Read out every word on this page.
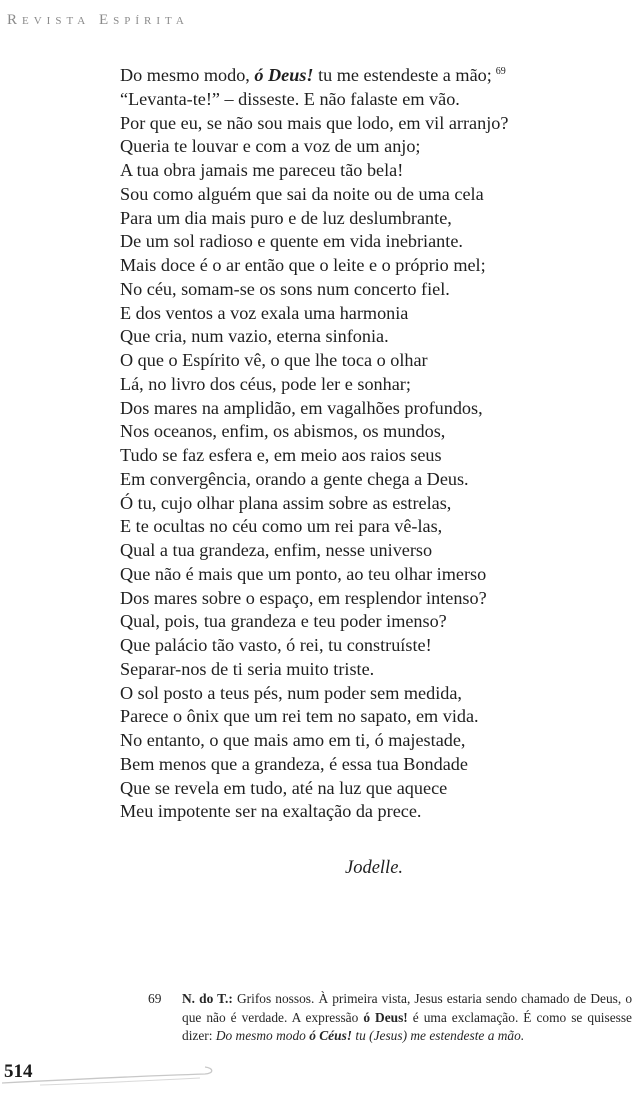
Revista Espírita
Do mesmo modo, ó Deus! tu me estendeste a mão; $^{69}$
“Levanta-te!” – disseste. E não falaste em vão.
Por que eu, se não sou mais que lodo, em vil arranjo?
Queria te louvar e com a voz de um anjo;
A tua obra jamais me pareceu tão bela!
Sou como alguém que sai da noite ou de uma cela
Para um dia mais puro e de luz deslumbrante,
De um sol radioso e quente em vida inebriante.
Mais doce é o ar então que o leite e o próprio mel;
No céu, somam-se os sons num concerto fiel.
E dos ventos a voz exala uma harmonia
Que cria, num vazio, eterna sinfonia.
O que o Espírito vê, o que lhe toca o olhar
Lá, no livro dos céus, pode ler e sonhar;
Dos mares na amplidão, em vagalhões profundos,
Nos oceanos, enfim, os abismos, os mundos,
Tudo se faz esfera e, em meio aos raios seus
Em convergência, orando a gente chega a Deus.
Ó tu, cujo olhar plana assim sobre as estrelas,
E te ocultas no céu como um rei para vê-las,
Qual a tua grandeza, enfim, nesse universo
Que não é mais que um ponto, ao teu olhar imerso
Dos mares sobre o espaço, em resplendor intenso?
Qual, pois, tua grandeza e teu poder imenso?
Que palácio tão vasto, ó rei, tu construíste!
Separar-nos de ti seria muito triste.
O sol posto a teus pés, num poder sem medida,
Parece o ônix que um rei tem no sapato, em vida.
No entanto, o que mais amo em ti, ó majestade,
Bem menos que a grandeza, é essa tua Bondade
Que se revela em tudo, até na luz que aquece
Meu impotente ser na exaltação da prece.
Jodelle.
69 N. do T.: Grifos nossos. À primeira vista, Jesus estaria sendo chamado de Deus, o que não é verdade. A expressão ó Deus! é uma exclamação. É como se quisesse dizer: Do mesmo modo ó Céus! tu (Jesus) me estendeste a mão.
514
